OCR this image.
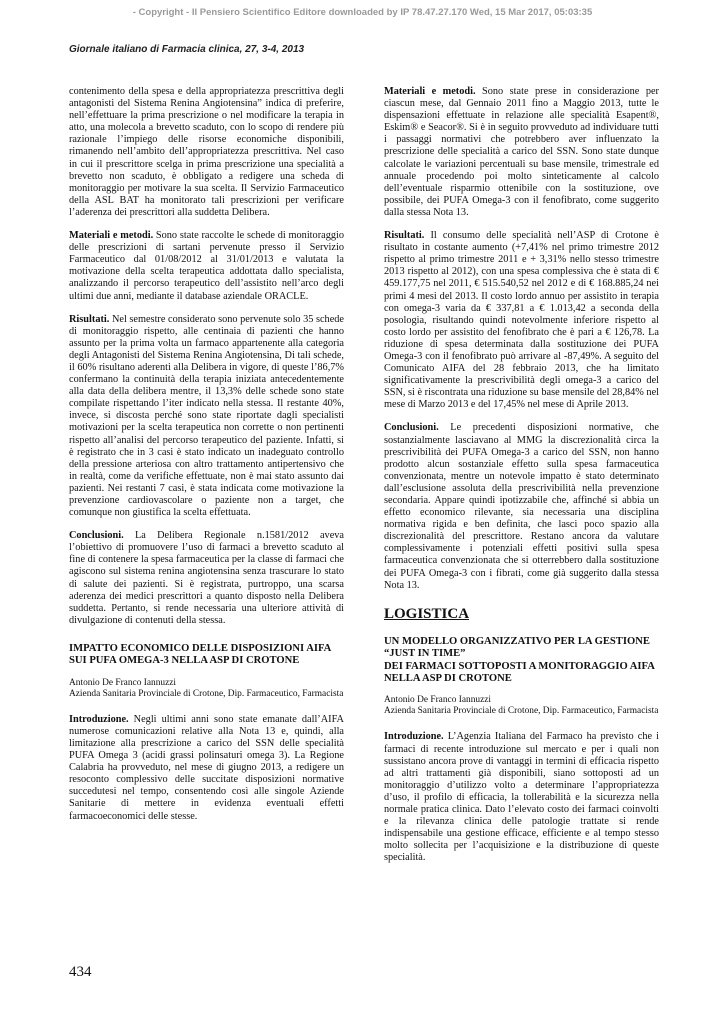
- Copyright - Il Pensiero Scientifico Editore downloaded by IP 78.47.27.170 Wed, 15 Mar 2017, 05:03:35
Giornale italiano di Farmacia clinica, 27, 3-4, 2013

contenimento della spesa e della appropriatezza prescrittiva degli antagonisti del Sistema Renina Angiotensina” indica di preferire, nell’effettuare la prima prescrizione o nel modificare la terapia in atto, una molecola a brevetto scaduto, con lo scopo di rendere più razionale l’impiego delle risorse economiche disponibili, rimanendo nell’ambito dell’appropriatezza prescrittiva. Nel caso in cui il prescrittore scelga in prima prescrizione una specialità a brevetto non scaduto, è obbligato a redigere una scheda di monitoraggio per motivare la sua scelta. Il Servizio Farmaceutico della ASL BAT ha monitorato tali prescrizioni per verificare l’aderenza dei prescrittori alla suddetta Delibera.

Materiali e metodi. Sono state raccolte le schede di monitoraggio delle prescrizioni di sartani pervenute presso il Servizio Farmaceutico dal 01/08/2012 al 31/01/2013 e valutata la motivazione della scelta terapeutica addottata dallo specialista, analizzando il percorso terapeutico dell’assistito nell’arco degli ultimi due anni, mediante il database aziendale ORACLE.

Risultati. Nel semestre considerato sono pervenute solo 35 schede di monitoraggio rispetto, alle centinaia di pazienti che hanno assunto per la prima volta un farmaco appartenente alla categoria degli Antagonisti del Sistema Renina Angiotensina, Di tali schede, il 60% risultano aderenti alla Delibera in vigore, di queste l’86,7% confermano la continuità della terapia iniziata antecedentemente alla data della delibera mentre, il 13,3% delle schede sono state compilate rispettando l’iter indicato nella stessa. Il restante 40%, invece, si discosta perché sono state riportate dagli specialisti motivazioni per la scelta terapeutica non corrette o non pertinenti rispetto all’analisi del percorso terapeutico del paziente. Infatti, si è registrato che in 3 casi è stato indicato un inadeguato controllo della pressione arteriosa con altro trattamento antipertensivo che in realtà, come da verifiche effettuate, non è mai stato assunto dai pazienti. Nei restanti 7 casi, è stata indicata come motivazione la prevenzione cardiovascolare o paziente non a target, che comunque non giustifica la scelta effettuata.

Conclusioni. La Delibera Regionale n.1581/2012 aveva l’obiettivo di promuovere l’uso di farmaci a brevetto scaduto al fine di contenere la spesa farmaceutica per la classe di farmaci che agiscono sul sistema renina angiotensina senza trascurare lo stato di salute dei pazienti. Si è registrata, purtroppo, una scarsa aderenza dei medici prescrittori a quanto disposto nella Delibera suddetta. Pertanto, si rende necessaria una ulteriore attività di divulgazione di contenuti della stessa.

IMPATTO ECONOMICO DELLE DISPOSIZIONI AIFA SUI PUFA OMEGA-3 NELLA ASP DI CROTONE
Antonio De Franco Iannuzzi
Azienda Sanitaria Provinciale di Crotone, Dip. Farmaceutico, Farmacista

Introduzione. Negli ultimi anni sono state emanate dall’AIFA numerose comunicazioni relative alla Nota 13 e, quindi, alla limitazione alla prescrizione a carico del SSN delle specialità PUFA Omega 3 (acidi grassi polinsaturi omega 3). La Regione Calabria ha provveduto, nel mese di giugno 2013, a redigere un resoconto complessivo delle succitate disposizioni normative succedutesi nel tempo, consentendo così alle singole Aziende Sanitarie di mettere in evidenza eventuali effetti farmacoeconomici delle stesse.

Materiali e metodi. Sono state prese in considerazione per ciascun mese, dal Gennaio 2011 fino a Maggio 2013, tutte le dispensazioni effettuate in relazione alle specialità Esapent®, Eskim® e Seacor®. Si è in seguito provveduto ad individuare tutti i passaggi normativi che potrebbero aver influenzato la prescrizione delle specialità a carico del SSN. Sono state dunque calcolate le variazioni percentuali su base mensile, trimestrale ed annuale procedendo poi molto sinteticamente al calcolo dell’eventuale risparmio ottenibile con la sostituzione, ove possibile, dei PUFA Omega-3 con il fenofibrato, come suggerito dalla stessa Nota 13.

Risultati. Il consumo delle specialità nell’ASP di Crotone è risultato in costante aumento (+7,41% nel primo trimestre 2012 rispetto al primo trimestre 2011 e + 3,31% nello stesso trimestre 2013 rispetto al 2012), con una spesa complessiva che è stata di € 459.177,75 nel 2011, € 515.540,52 nel 2012 e di € 168.885,24 nei primi 4 mesi del 2013. Il costo lordo annuo per assistito in terapia con omega-3 varia da € 337,81 a € 1.013,42 a seconda della posologia, risultando quindi notevolmente inferiore rispetto al costo lordo per assistito del fenofibrato che è pari a € 126,78. La riduzione di spesa determinata dalla sostituzione dei PUFA Omega-3 con il fenofibrato può arrivare al -87,49%. A seguito del Comunicato AIFA del 28 febbraio 2013, che ha limitato significativamente la prescrivibilità degli omega-3 a carico del SSN, si è riscontrata una riduzione su base mensile del 28,84% nel mese di Marzo 2013 e del 17,45% nel mese di Aprile 2013.

Conclusioni. Le precedenti disposizioni normative, che sostanzialmente lasciavano al MMG la discrezionalità circa la prescrivibilità dei PUFA Omega-3 a carico del SSN, non hanno prodotto alcun sostanziale effetto sulla spesa farmaceutica convenzionata, mentre un notevole impatto è stato determinato dall’esclusione assoluta della prescrivibilità nella prevenzione secondaria. Appare quindi ipotizzabile che, affinché si abbia un effetto economico rilevante, sia necessaria una disciplina normativa rigida e ben definita, che lasci poco spazio alla discrezionalità del prescrittore. Restano ancora da valutare complessivamente i potenziali effetti positivi sulla spesa farmaceutica convenzionata che si otterrebbero dalla sostituzione dei PUFA Omega-3 con i fibrati, come già suggerito dalla stessa Nota 13.

LOGISTICA
UN MODELLO ORGANIZZATIVO PER LA GESTIONE “JUST IN TIME”
DEI FARMACI SOTTOPOSTI A MONITORAGGIO AIFA NELLA ASP DI CROTONE
Antonio De Franco Iannuzzi
Azienda Sanitaria Provinciale di Crotone, Dip. Farmaceutico, Farmacista

Introduzione. L’Agenzia Italiana del Farmaco ha previsto che i farmaci di recente introduzione sul mercato e per i quali non sussistano ancora prove di vantaggi in termini di efficacia rispetto ad altri trattamenti già disponibili, siano sottoposti ad un monitoraggio d’utilizzo volto a determinare l’appropriatezza d’uso, il profilo di efficacia, la tollerabilità e la sicurezza nella normale pratica clinica. Dato l’elevato costo dei farmaci coinvolti e la rilevanza clinica delle patologie trattate si rende indispensabile una gestione efficace, efficiente e al tempo stesso molto sollecita per l’acquisizione e la distribuzione di queste specialità.

434
